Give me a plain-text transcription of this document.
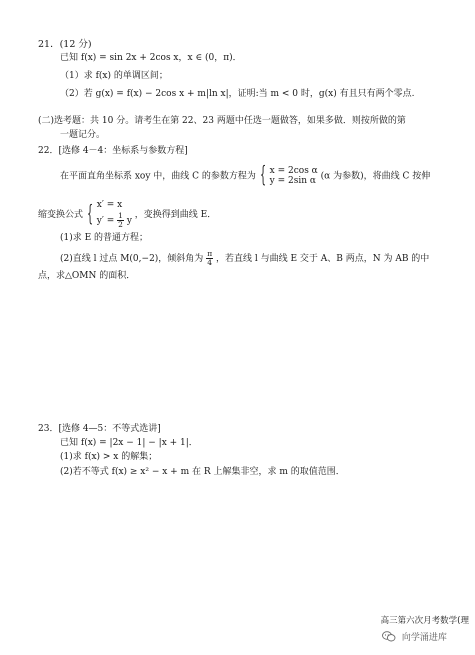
21．(12 分)
已知 f(x) = sin 2x + 2cos x，x ∈ (0，π)．
（1）求 f(x) 的单调区间；
（2）若 g(x) = f(x) − 2cos x + m|ln x|，证明:当 m < 0 时，g(x) 有且只有两个零点.
(二)选考题：共 10 分。请考生在第 22、23 两题中任选一题做答，如果多做．则按所做的第
一题记分。
22．[选修 4－4：坐标系与参数方程]
在平面直角坐标系 xoy 中，曲线 C 的参数方程为 { x = 2cos α
y = 2sin α (α 为参数)，将曲线 C 按伸
缩变换公式 { x′ = x
$y' = \frac{1}{2}$ y
，变换得到曲线 E．
(1)求 E 的普通方程；
(2)直线 l 过点 M(0,−2)，倾斜角为 $\frac{\pi}{4}$ ，若直线 l 与曲线 E 交于 A、B 两点，N 为 AB 的中
点，求△OMN 的面积．
23．[选修 4—5：不等式选讲]
已知 f(x) = |2x − 1| − |x + 1|．
(1)求 f(x) > x 的解集；
(2)若不等式 f(x) ≥ x² − x + m 在 R 上解集非空，求 m 的取值范围．
高三第六次月考数学(理
向学涌进库
